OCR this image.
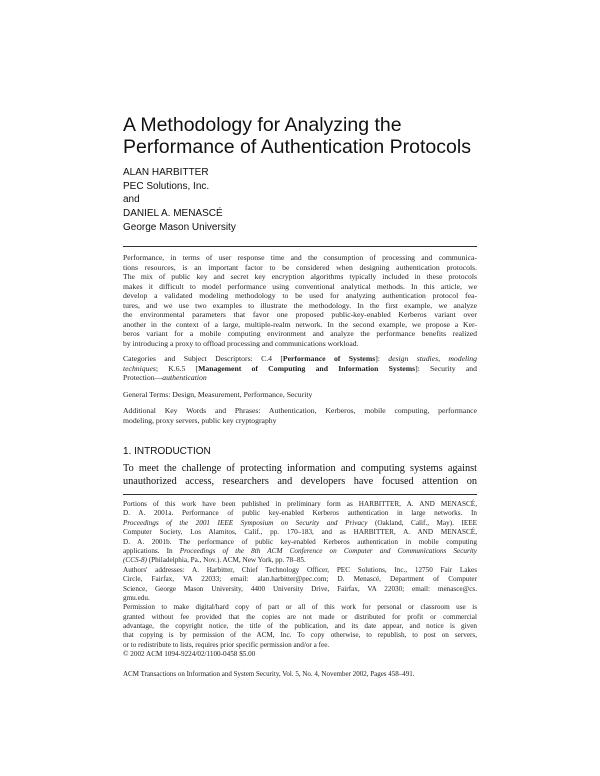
A Methodology for Analyzing the
Performance of Authentication Protocols
ALAN HARBITTER
PEC Solutions, Inc.
and
DANIEL A. MENASCÉ
George Mason University
Performance, in terms of user response time and the consumption of processing and communica-
tions resources, is an important factor to be considered when designing authentication protocols.
The mix of public key and secret key encryption algorithms typically included in these protocols
makes it difficult to model performance using conventional analytical methods. In this article, we
develop a validated modeling methodology to be used for analyzing authentication protocol fea-
tures, and we use two examples to illustrate the methodology. In the first example, we analyze
the environmental parameters that favor one proposed public-key-enabled Kerberos variant over
another in the context of a large, multiple-realm network. In the second example, we propose a Ker-
beros variant for a mobile computing environment and analyze the performance benefits realized
by introducing a proxy to offload processing and communications workload.
Categories and Subject Descriptors: C.4 [Performance of Systems]: design studies, modeling
techniques; K.6.5 [Management of Computing and Information Systems]: Security and
Protection—authentication
General Terms: Design, Measurement, Performance, Security
Additional Key Words and Phrases: Authentication, Kerberos, mobile computing, performance
modeling, proxy servers, public key cryptography
1. INTRODUCTION
To meet the challenge of protecting information and computing systems against
unauthorized access, researchers and developers have focused attention on
Portions of this work have been published in preliminary form as HARBITTER, A. AND MENASCÉ,
D. A. 2001a. Performance of public key-enabled Kerberos authentication in large networks. In
Proceedings of the 2001 IEEE Symposium on Security and Privacy (Oakland, Calif., May). IEEE
Computer Society, Los Alamitos, Calif., pp. 170–183, and as HARBITTER, A. AND MENASCÉ,
D. A. 2001b. The performance of public key-enabled Kerberos authentication in mobile computing
applications. In Proceedings of the 8th ACM Conference on Computer and Communications Security
(CCS-8) (Philadelphia, Pa., Nov.). ACM, New York, pp. 78–85.
Authors' addresses: A. Harbitter, Chief Technology Officer, PEC Solutions, Inc., 12750 Fair Lakes
Circle, Fairfax, VA 22033; email: alan.harbitter@pec.com; D. Menascé, Department of Computer
Science, George Mason University, 4400 University Drive, Fairfax, VA 22030; email: menasce@cs.
gmu.edu.
Permission to make digital/hard copy of part or all of this work for personal or classroom use is
granted without fee provided that the copies are not made or distributed for profit or commercial
advantage, the copyright notice, the title of the publication, and its date appear, and notice is given
that copying is by permission of the ACM, Inc. To copy otherwise, to republish, to post on servers,
or to redistribute to lists, requires prior specific permission and/or a fee.
© 2002 ACM 1094-9224/02/1100-0458 $5.00
ACM Transactions on Information and System Security, Vol. 5, No. 4, November 2002, Pages 458–491.
